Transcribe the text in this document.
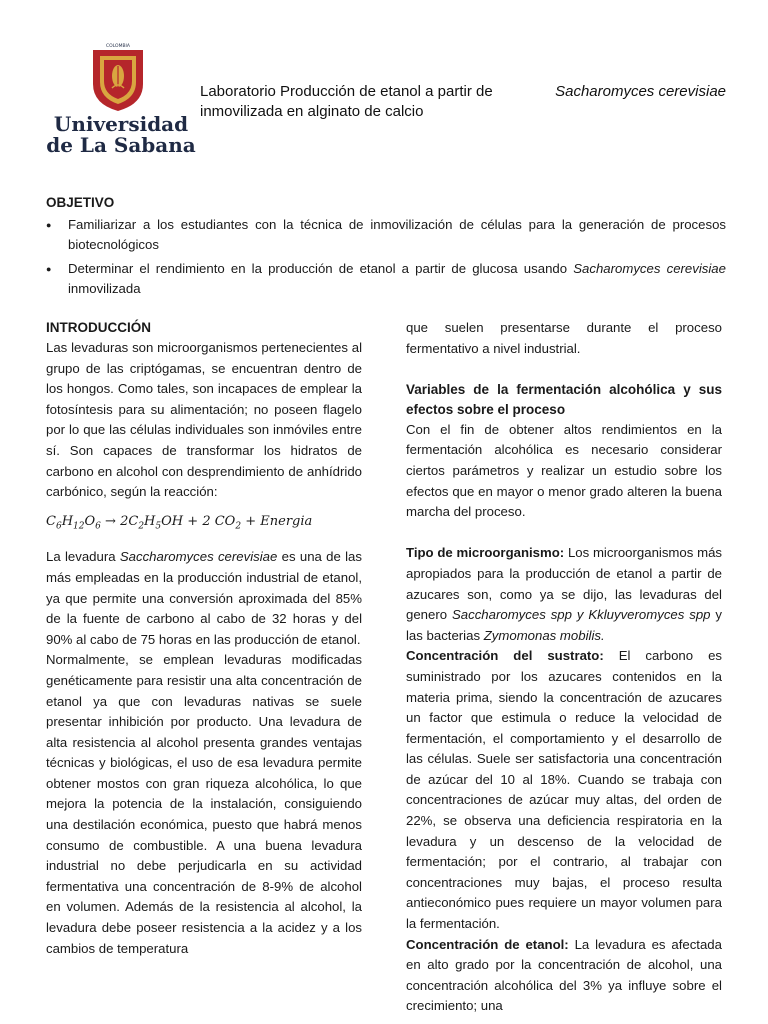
COLOMBIA
Universidad
de La Sabana
Laboratorio Producción de etanol a partir de	Sacharomyces cerevisiae
inmovilizada en alginato de calcio
OBJETIVO
● Familiarizar a los estudiantes con la técnica de inmovilización de células para la generación de procesos biotecnológicos
● Determinar el rendimiento en la producción de etanol a partir de glucosa usando Sacharomyces cerevisiae inmovilizada
INTRODUCCIÓN

Las levaduras son microorganismos pertenecientes al grupo de las criptógamas, se encuentran dentro de los hongos. Como tales, son incapaces de emplear la fotosíntesis para su alimentación; no poseen flagelo por lo que las células individuales son inmóviles entre sí. Son capaces de transformar los hidratos de carbono en alcohol con desprendimiento de anhídrido carbónico, según la reacción:

$C_6H_{12}O_6 \to 2C_2H_5OH + 2$ $CO_2$ + Energia

La levadura Saccharomyces cerevisiae es una de las más empleadas en la producción industrial de etanol, ya que permite una conversión aproximada del 85% de la fuente de carbono al cabo de 32 horas y del 90% al cabo de 75 horas en las producción de etanol.

Normalmente, se emplean levaduras modificadas genéticamente para resistir una alta concentración de etanol ya que con levaduras nativas se suele presentar inhibición por producto. Una levadura de alta resistencia al alcohol presenta grandes ventajas técnicas y biológicas, el uso de esa levadura permite obtener mostos con gran riqueza alcohólica, lo que mejora la potencia de la instalación, consiguiendo una destilación económica, puesto que habrá menos consumo de combustible. A una buena levadura industrial no debe perjudicarla en su actividad fermentativa una concentración de 8-9% de alcohol en volumen. Además de la resistencia al alcohol, la levadura debe poseer resistencia a la acidez y a los cambios de temperatura

que suelen presentarse durante el proceso fermentativo a nivel industrial.

Variables de la fermentación alcohólica y sus efectos sobre el proceso

Con el fin de obtener altos rendimientos en la fermentación alcohólica es necesario considerar ciertos parámetros y realizar un estudio sobre los efectos que en mayor o menor grado alteren la buena marcha del proceso.

Tipo de microorganismo: Los microorganismos más apropiados para la producción de etanol a partir de azucares son, como ya se dijo, las levaduras del genero Saccharomyces spp y Kkluyveromyces spp y las bacterias Zymomonas mobilis.

Concentración del sustrato: El carbono es suministrado por los azucares contenidos en la materia prima, siendo la concentración de azucares un factor que estimula o reduce la velocidad de fermentación, el comportamiento y el desarrollo de las células. Suele ser satisfactoria una concentración de azúcar del 10 al 18%. Cuando se trabaja con concentraciones de azúcar muy altas, del orden de 22%, se observa una deficiencia respiratoria en la levadura y un descenso de la velocidad de fermentación; por el contrario, al trabajar con concentraciones muy bajas, el proceso resulta antieconómico pues requiere un mayor volumen para la fermentación.

Concentración de etanol: La levadura es afectada en alto grado por la concentración de alcohol, una concentración alcohólica del 3% ya influye sobre el crecimiento; una
